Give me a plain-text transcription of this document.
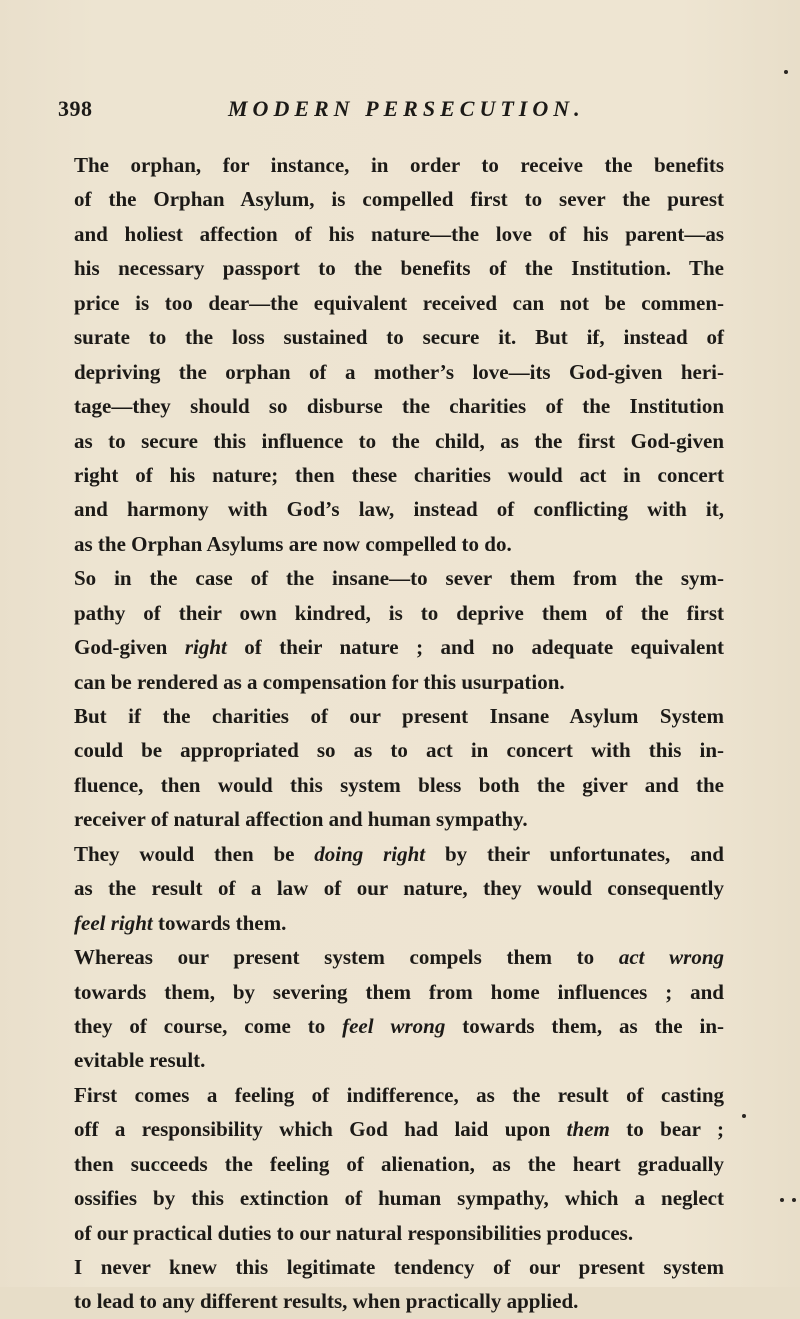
398	MODERN PERSECUTION.
The orphan, for instance, in order to receive the benefits
of the Orphan Asylum, is compelled first to sever the purest
and holiest affection of his nature—the love of his parent—as
his necessary passport to the benefits of the Institution. The
price is too dear—the equivalent received can not be commen-
surate to the loss sustained to secure it. But if, instead of
depriving the orphan of a mother’s love—its God-given heri-
tage—they should so disburse the charities of the Institution
as to secure this influence to the child, as the first God-given
right of his nature; then these charities would act in concert
and harmony with God’s law, instead of conflicting with it,
as the Orphan Asylums are now compelled to do.
So in the case of the insane—to sever them from the sym-
pathy of their own kindred, is to deprive them of the first
God-given right of their nature ; and no adequate equivalent
can be rendered as a compensation for this usurpation.
But if the charities of our present Insane Asylum System
could be appropriated so as to act in concert with this in-
fluence, then would this system bless both the giver and the
receiver of natural affection and human sympathy.
They would then be doing right by their unfortunates, and
as the result of a law of our nature, they would consequently
feel right towards them.
Whereas our present system compels them to act wrong
towards them, by severing them from home influences ; and
they of course, come to feel wrong towards them, as the in-
evitable result.
First comes a feeling of indifference, as the result of casting
off a responsibility which God had laid upon them to bear ;
then succeeds the feeling of alienation, as the heart gradually
ossifies by this extinction of human sympathy, which a neglect
of our practical duties to our natural responsibilities produces.
I never knew this legitimate tendency of our present system
to lead to any different results, when practically applied.
